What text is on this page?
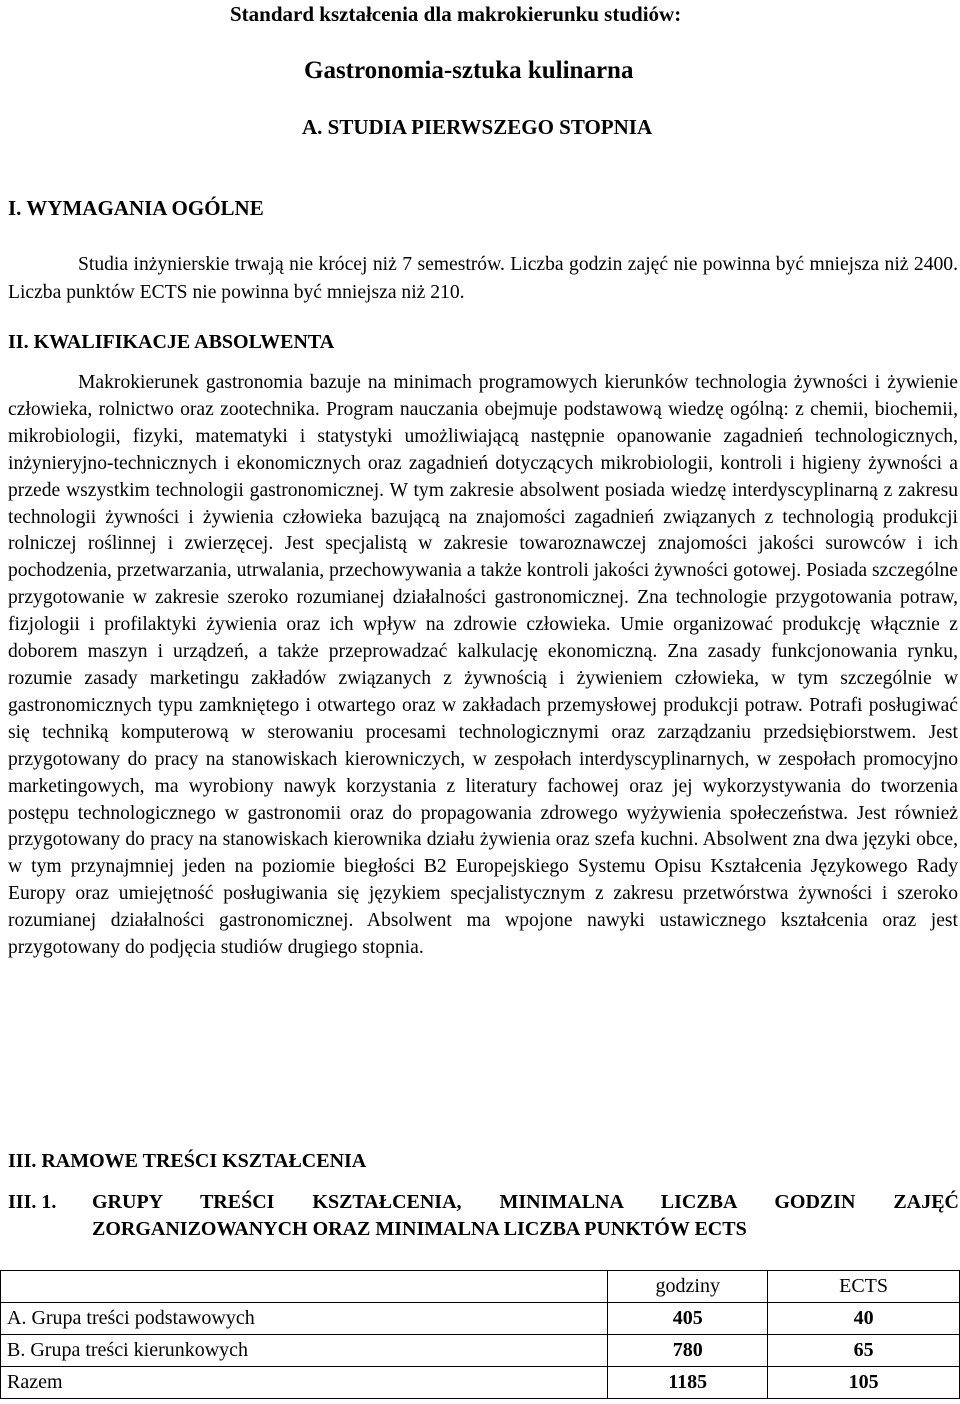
Standard kształcenia dla makrokierunku studiów:
Gastronomia-sztuka kulinarna
A. STUDIA PIERWSZEGO STOPNIA
I. WYMAGANIA OGÓLNE

Studia inżynierskie trwają nie krócej niż 7 semestrów. Liczba godzin zajęć nie powinna być mniejsza niż 2400. Liczba punktów ECTS nie powinna być mniejsza niż 210.

II. KWALIFIKACJE ABSOLWENTA

Makrokierunek gastronomia bazuje na minimach programowych kierunków technologia żywności i żywienie człowieka, rolnictwo oraz zootechnika. Program nauczania obejmuje podstawową wiedzę ogólną: z chemii, biochemii, mikrobiologii, fizyki, matematyki i statystyki umożliwiającą następnie opanowanie zagadnień technologicznych, inżynieryjno-technicznych i ekonomicznych oraz zagadnień dotyczących mikrobiologii, kontroli i higieny żywności a przede wszystkim technologii gastronomicznej. W tym zakresie absolwent posiada wiedzę interdyscyplinarną z zakresu technologii żywności i żywienia człowieka bazującą na znajomości zagadnień związanych z technologią produkcji rolniczej roślinnej i zwierzęcej. Jest specjalistą w zakresie towaroznawczej znajomości jakości surowców i ich pochodzenia, przetwarzania, utrwalania, przechowywania a także kontroli jakości żywności gotowej. Posiada szczególne przygotowanie w zakresie szeroko rozumianej działalności gastronomicznej. Zna technologie przygotowania potraw, fizjologii i profilaktyki żywienia oraz ich wpływ na zdrowie człowieka. Umie organizować produkcję włącznie z doborem maszyn i urządzeń, a także przeprowadzać kalkulację ekonomiczną. Zna zasady funkcjonowania rynku, rozumie zasady marketingu zakładów związanych z żywnością i żywieniem człowieka, w tym szczególnie w gastronomicznych typu zamkniętego i otwartego oraz w zakładach przemysłowej produkcji potraw. Potrafi posługiwać się techniką komputerową w sterowaniu procesami technologicznymi oraz zarządzaniu przedsiębiorstwem. Jest przygotowany do pracy na stanowiskach kierowniczych, w zespołach interdyscyplinarnych, w zespołach promocyjno marketingowych, ma wyrobiony nawyk korzystania z literatury fachowej oraz jej wykorzystywania do tworzenia postępu technologicznego w gastronomii oraz do propagowania zdrowego wyżywienia społeczeństwa. Jest również przygotowany do pracy na stanowiskach kierownika działu żywienia oraz szefa kuchni. Absolwent zna dwa języki obce, w tym przynajmniej jeden na poziomie biegłości B2 Europejskiego Systemu Opisu Kształcenia Językowego Rady Europy oraz umiejętność posługiwania się językiem specjalistycznym z zakresu przetwórstwa żywności i szeroko rozumianej działalności gastronomicznej. Absolwent ma wpojone nawyki ustawicznego kształcenia oraz jest przygotowany do podjęcia studiów drugiego stopnia.

III. RAMOWE TREŚCI KSZTAŁCENIA
III. 1. GRUPY TREŚCI KSZTAŁCENIA, MINIMALNA LICZBA GODZIN ZAJĘĆ
ZORGANIZOWANYCH ORAZ MINIMALNA LICZBA PUNKTÓW ECTS
	godziny	ECTS
A. Grupa treści podstawowych	405	40
B. Grupa treści kierunkowych	780	65
Razem	1185	105
